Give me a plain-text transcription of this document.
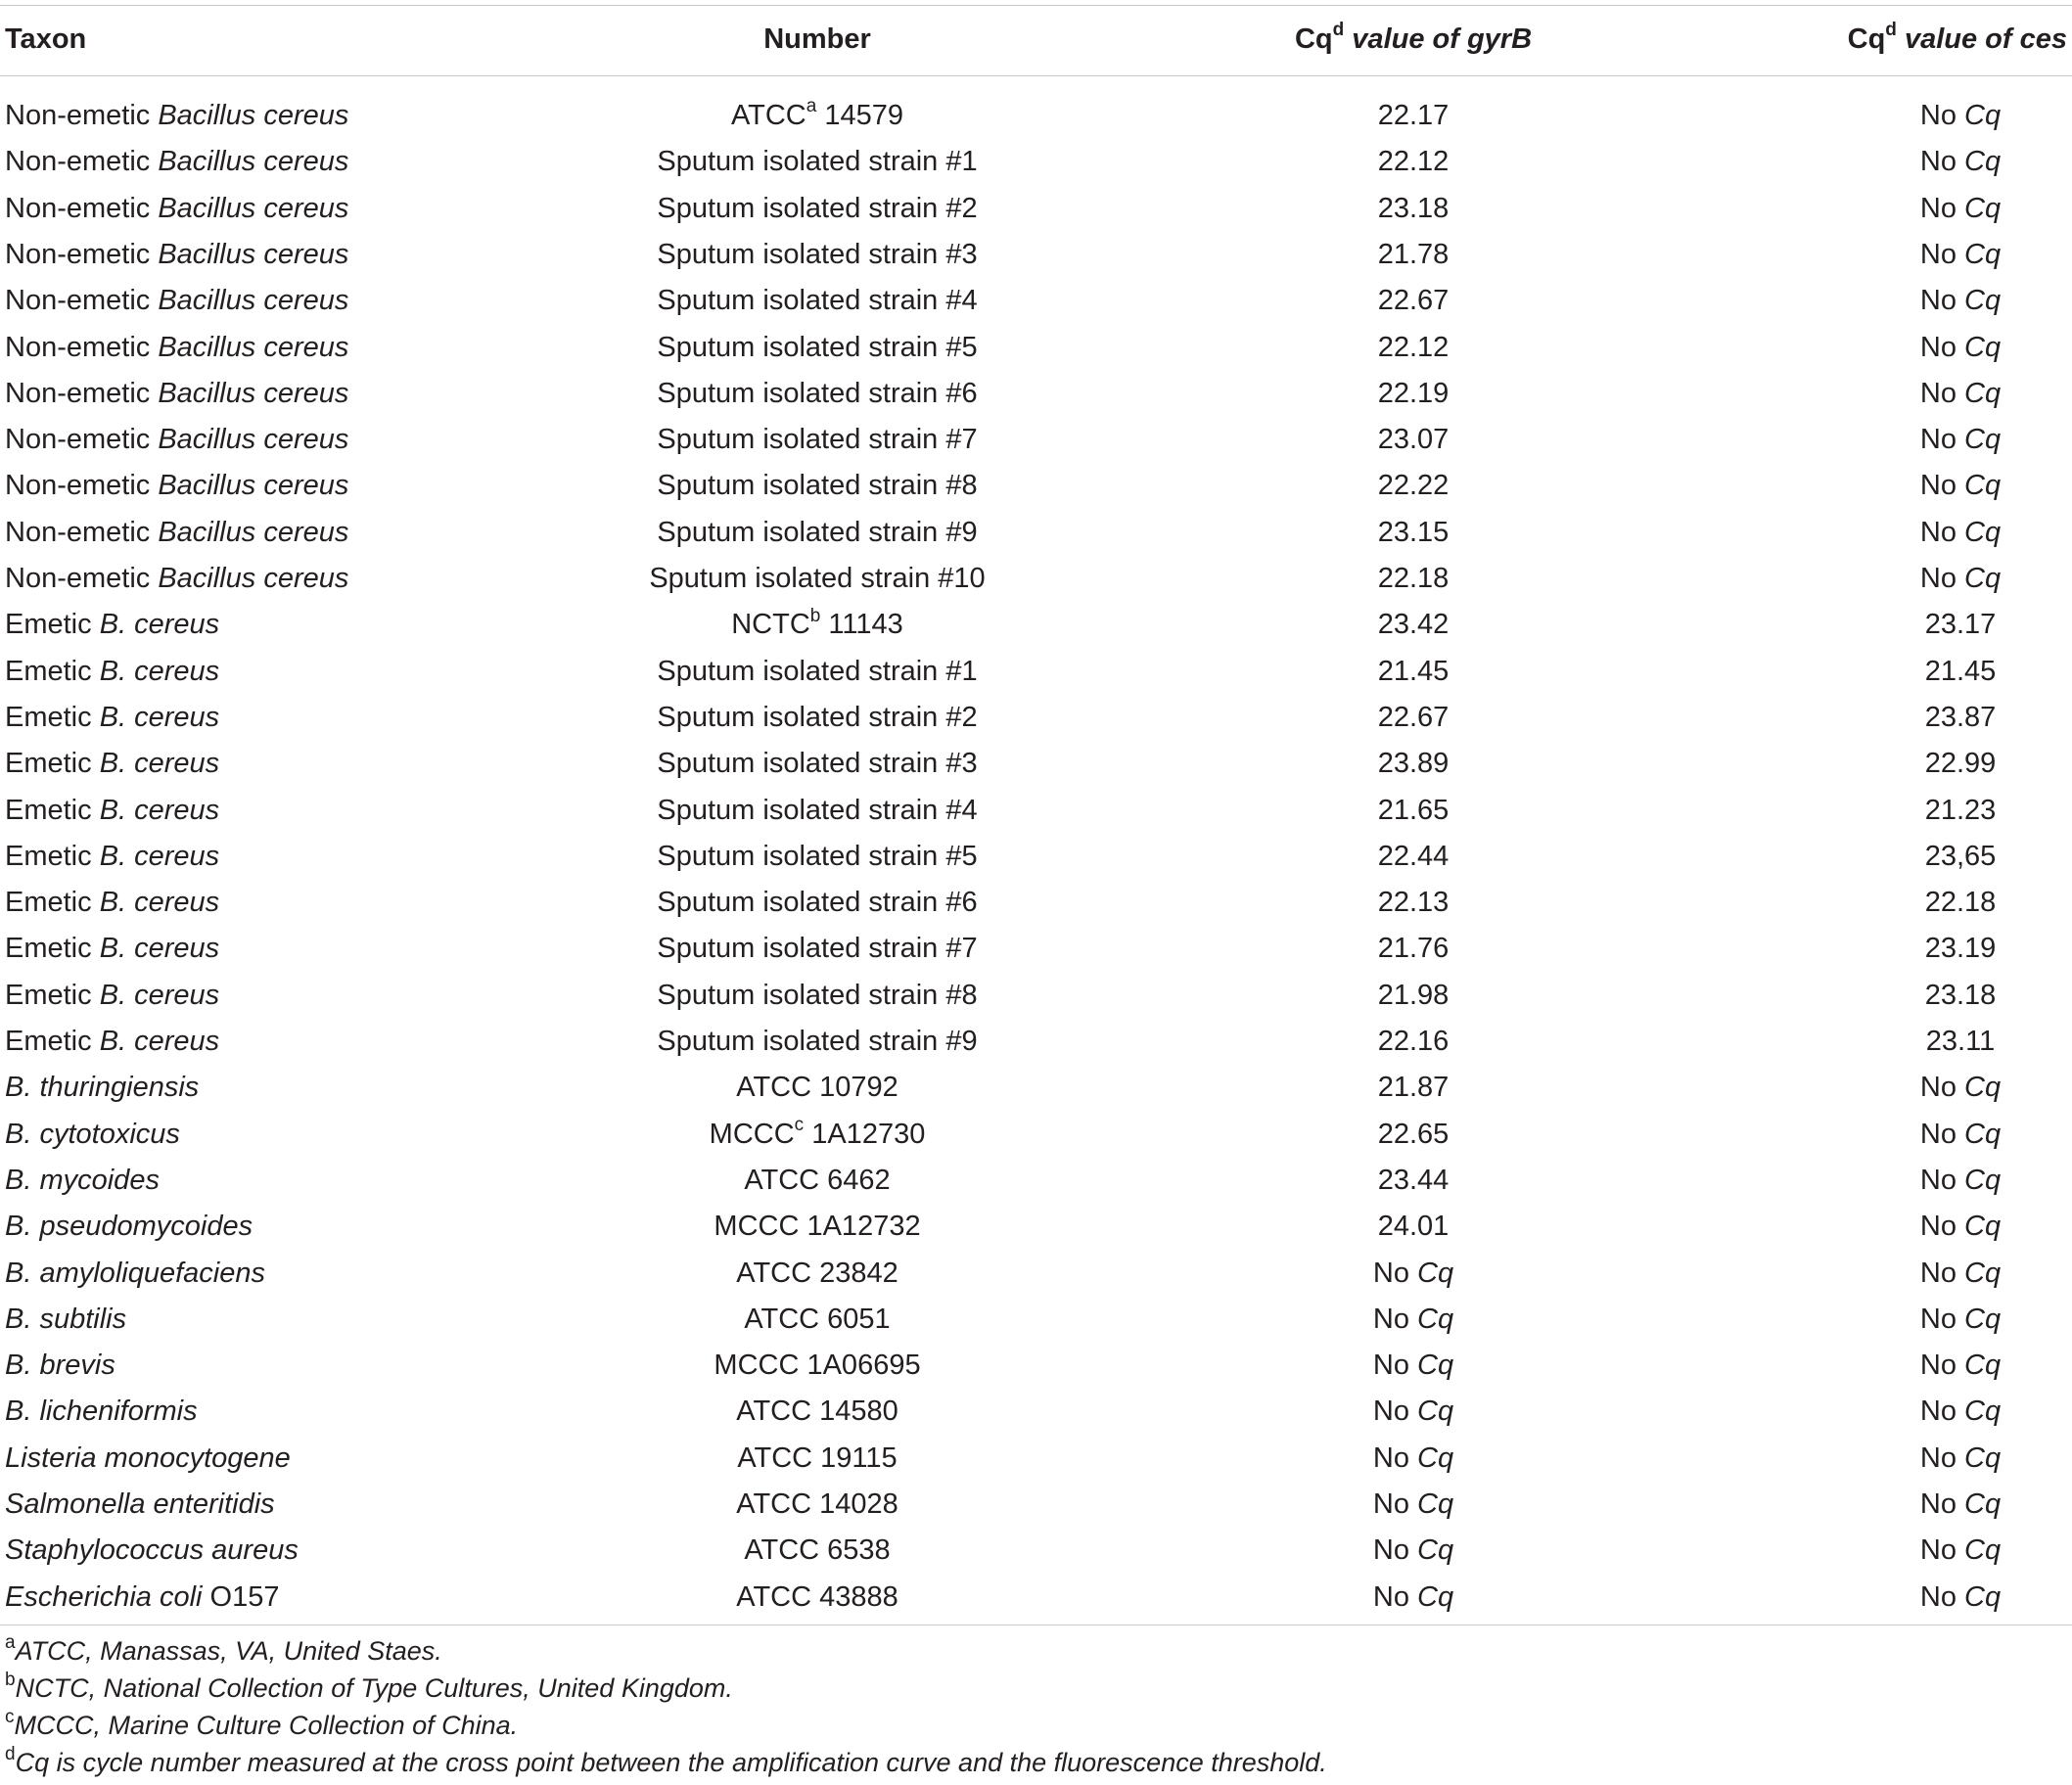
Taxon	Number	Cq$^d$ value of gyrB	Cq$^d$ value of ces
Non-emetic Bacillus cereus	ATCC$^a$ 14579	22.17	No Cq
Non-emetic Bacillus cereus	Sputum isolated strain #1	22.12	No Cq
Non-emetic Bacillus cereus	Sputum isolated strain #2	23.18	No Cq
Non-emetic Bacillus cereus	Sputum isolated strain #3	21.78	No Cq
Non-emetic Bacillus cereus	Sputum isolated strain #4	22.67	No Cq
Non-emetic Bacillus cereus	Sputum isolated strain #5	22.12	No Cq
Non-emetic Bacillus cereus	Sputum isolated strain #6	22.19	No Cq
Non-emetic Bacillus cereus	Sputum isolated strain #7	23.07	No Cq
Non-emetic Bacillus cereus	Sputum isolated strain #8	22.22	No Cq
Non-emetic Bacillus cereus	Sputum isolated strain #9	23.15	No Cq
Non-emetic Bacillus cereus	Sputum isolated strain #10	22.18	No Cq
Emetic B. cereus	NCTC$^b$ 11143	23.42	23.17
Emetic B. cereus	Sputum isolated strain #1	21.45	21.45
Emetic B. cereus	Sputum isolated strain #2	22.67	23.87
Emetic B. cereus	Sputum isolated strain #3	23.89	22.99
Emetic B. cereus	Sputum isolated strain #4	21.65	21.23
Emetic B. cereus	Sputum isolated strain #5	22.44	23,65
Emetic B. cereus	Sputum isolated strain #6	22.13	22.18
Emetic B. cereus	Sputum isolated strain #7	21.76	23.19
Emetic B. cereus	Sputum isolated strain #8	21.98	23.18
Emetic B. cereus	Sputum isolated strain #9	22.16	23.11
B. thuringiensis	ATCC 10792	21.87	No Cq
B. cytotoxicus	MCCC$^c$ 1A12730	22.65	No Cq
B. mycoides	ATCC 6462	23.44	No Cq
B. pseudomycoides	MCCC 1A12732	24.01	No Cq
B. amyloliquefaciens	ATCC 23842	No Cq	No Cq
B. subtilis	ATCC 6051	No Cq	No Cq
B. brevis	MCCC 1A06695	No Cq	No Cq
B. licheniformis	ATCC 14580	No Cq	No Cq
Listeria monocytogene	ATCC 19115	No Cq	No Cq
Salmonella enteritidis	ATCC 14028	No Cq	No Cq
Staphylococcus aureus	ATCC 6538	No Cq	No Cq
Escherichia coli O157	ATCC 43888	No Cq	No Cq
$^a$ATCC, Manassas, VA, United Staes.
$^b$NCTC, National Collection of Type Cultures, United Kingdom.
$^c$MCCC, Marine Culture Collection of China.
$^d$Cq is cycle number measured at the cross point between the amplification curve and the fluorescence threshold.
